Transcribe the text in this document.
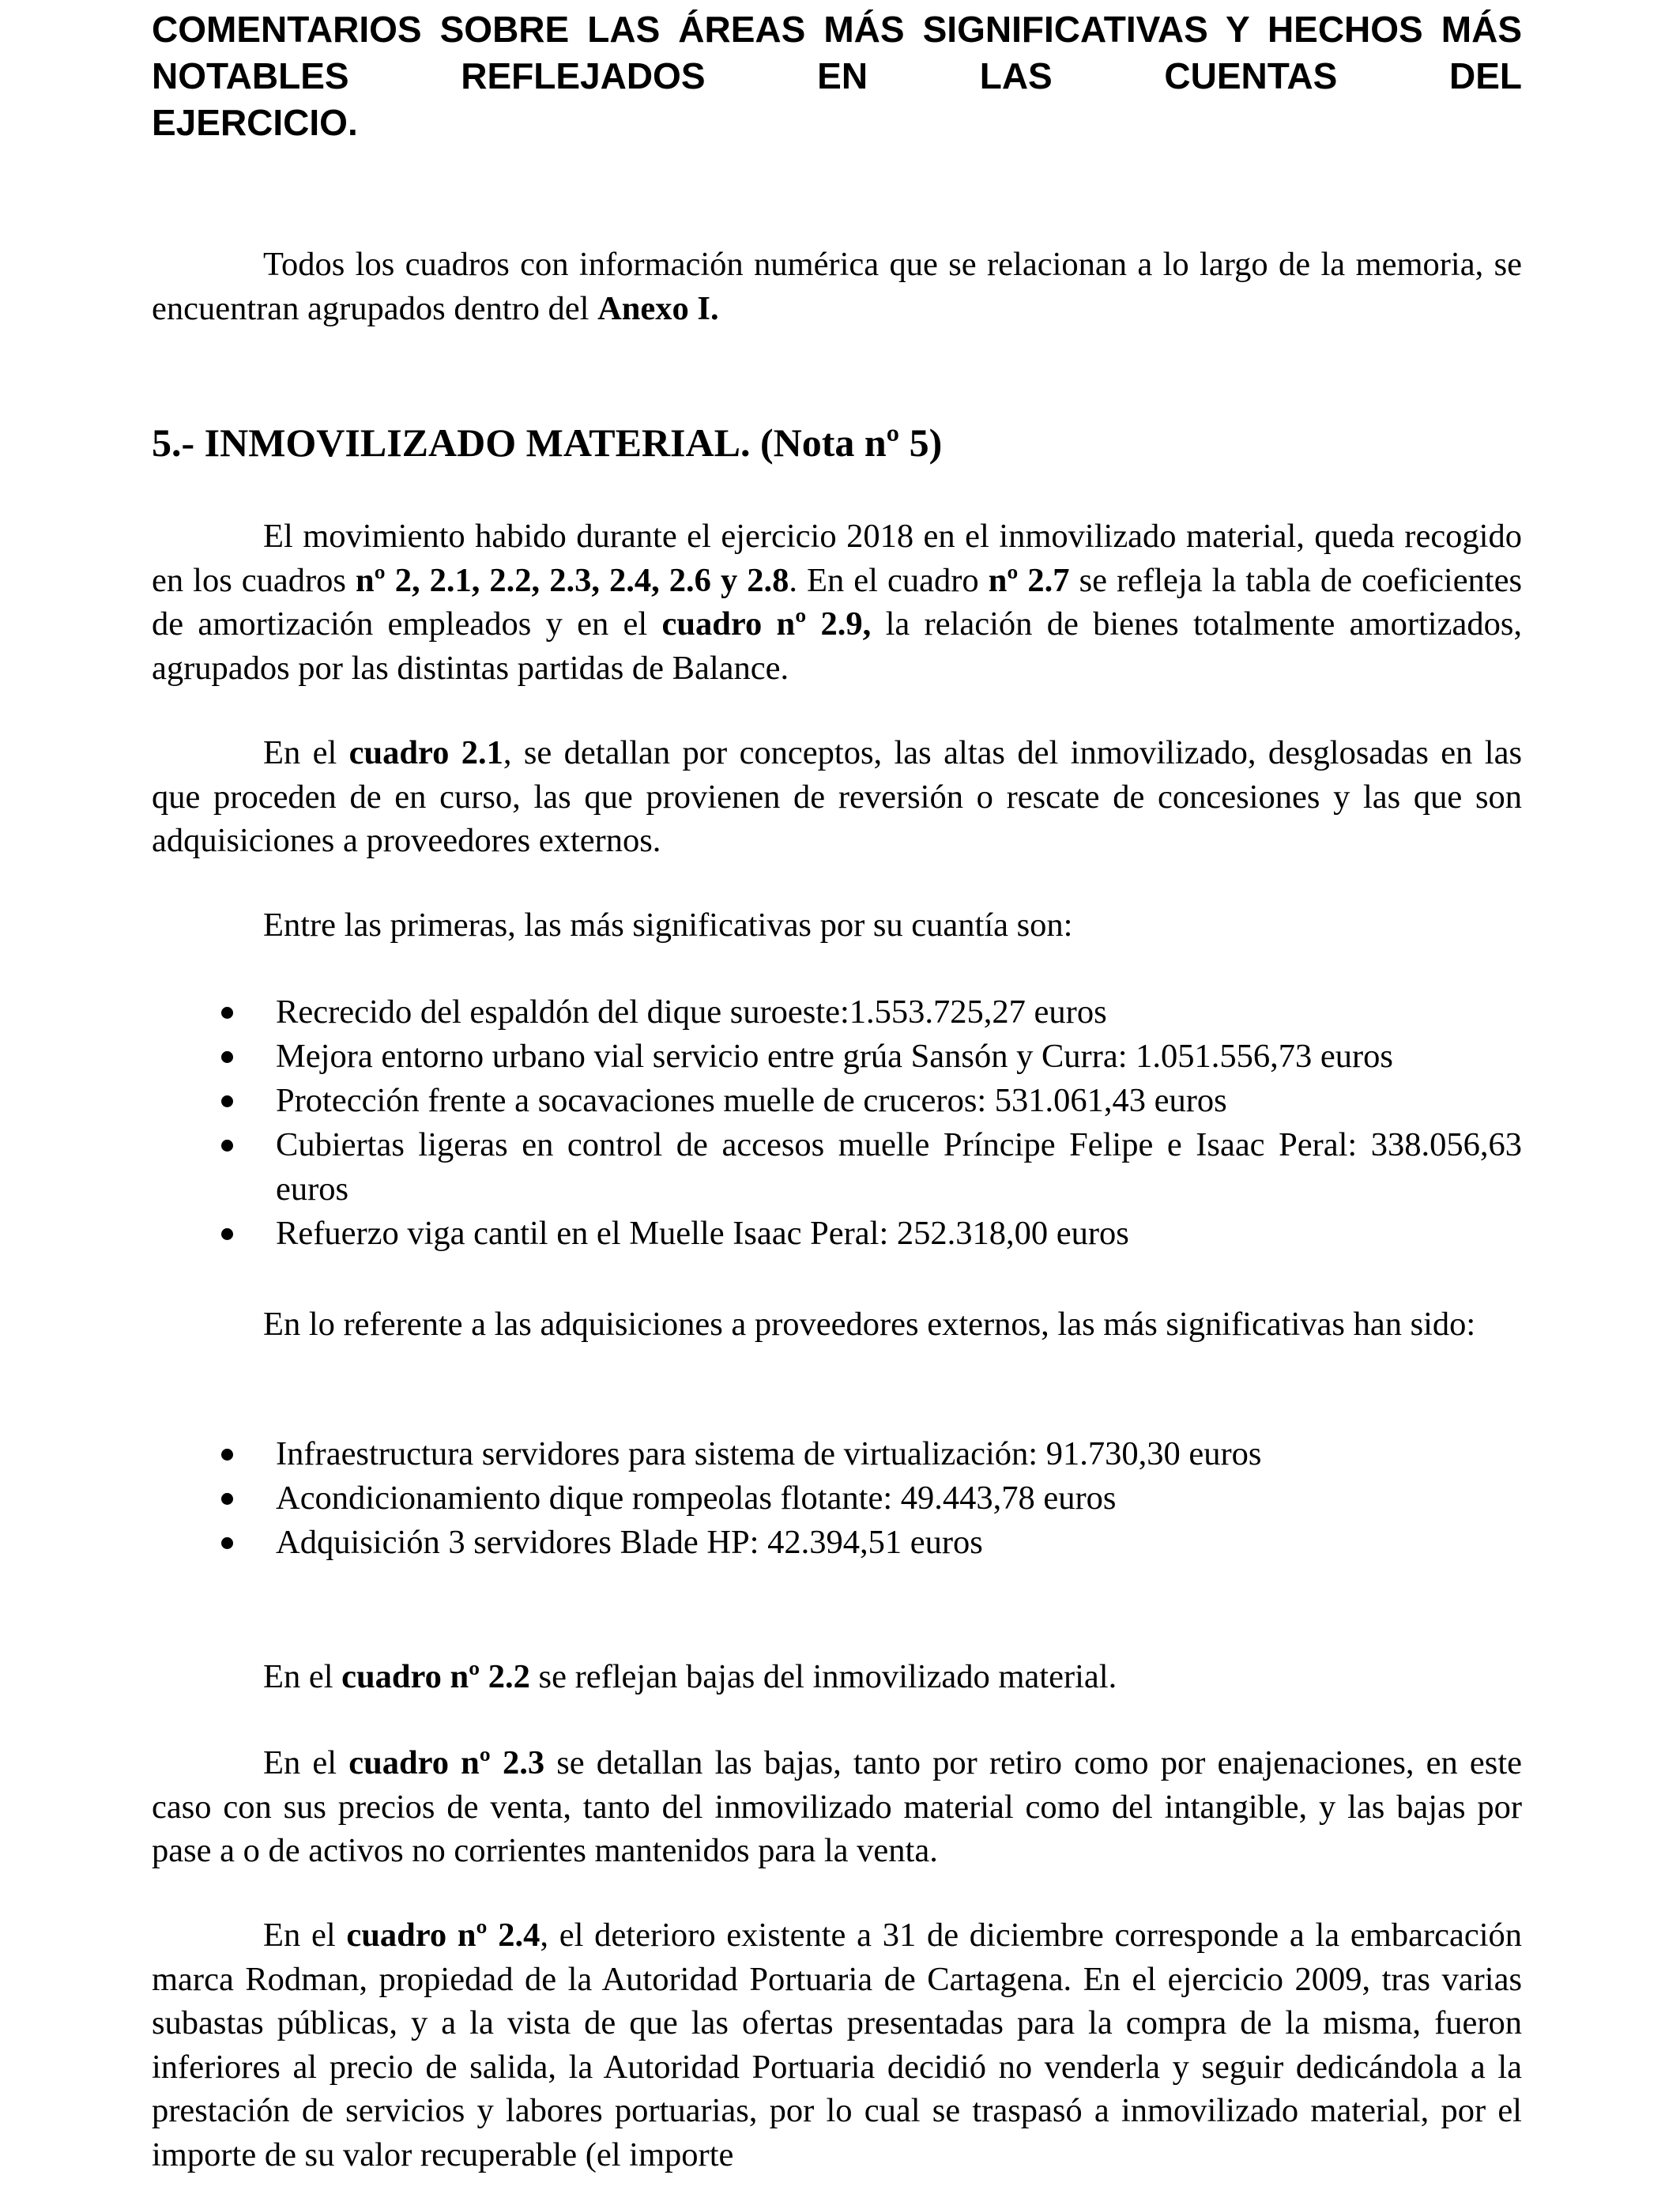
COMENTARIOS SOBRE LAS ÁREAS MÁS SIGNIFICATIVAS Y HECHOS MÁS NOTABLES REFLEJADOS EN LAS CUENTAS DEL
EJERCICIO.

Todos los cuadros con información numérica que se relacionan a lo largo de la memoria, se encuentran agrupados dentro del Anexo I.

5.- INMOVILIZADO MATERIAL. (Nota nº 5)

El movimiento habido durante el ejercicio 2018 en el inmovilizado material, queda recogido en los cuadros nº 2, 2.1, 2.2, 2.3, 2.4, 2.6 y 2.8. En el cuadro nº 2.7 se refleja la tabla de coeficientes de amortización empleados y en el cuadro nº 2.9, la relación de bienes totalmente amortizados, agrupados por las distintas partidas de Balance.

En el cuadro 2.1, se detallan por conceptos, las altas del inmovilizado, desglosadas en las que proceden de en curso, las que provienen de reversión o rescate de concesiones y las que son adquisiciones a proveedores externos.

Entre las primeras, las más significativas por su cuantía son:

Recrecido del espaldón del dique suroeste:1.553.725,27 euros
Mejora entorno urbano vial servicio entre grúa Sansón y Curra: 1.051.556,73 euros
Protección frente a socavaciones muelle de cruceros: 531.061,43 euros
Cubiertas ligeras en control de accesos muelle Príncipe Felipe e Isaac Peral: 338.056,63 euros
Refuerzo viga cantil en el Muelle Isaac Peral: 252.318,00 euros

En lo referente a las adquisiciones a proveedores externos, las más significativas han sido:

Infraestructura servidores para sistema de virtualización: 91.730,30 euros
Acondicionamiento dique rompeolas flotante: 49.443,78 euros
Adquisición 3 servidores Blade HP: 42.394,51 euros

En el cuadro nº 2.2 se reflejan bajas del inmovilizado material.

En el cuadro nº 2.3 se detallan las bajas, tanto por retiro como por enajenaciones, en este caso con sus precios de venta, tanto del inmovilizado material como del intangible, y las bajas por pase a o de activos no corrientes mantenidos para la venta.

En el cuadro nº 2.4, el deterioro existente a 31 de diciembre corresponde a la embarcación marca Rodman, propiedad de la Autoridad Portuaria de Cartagena. En el ejercicio 2009, tras varias subastas públicas, y a la vista de que las ofertas presentadas para la compra de la misma, fueron inferiores al precio de salida, la Autoridad Portuaria decidió no venderla y seguir dedicándola a la prestación de servicios y labores portuarias, por lo cual se traspasó a inmovilizado material, por el importe de su valor recuperable (el importe
